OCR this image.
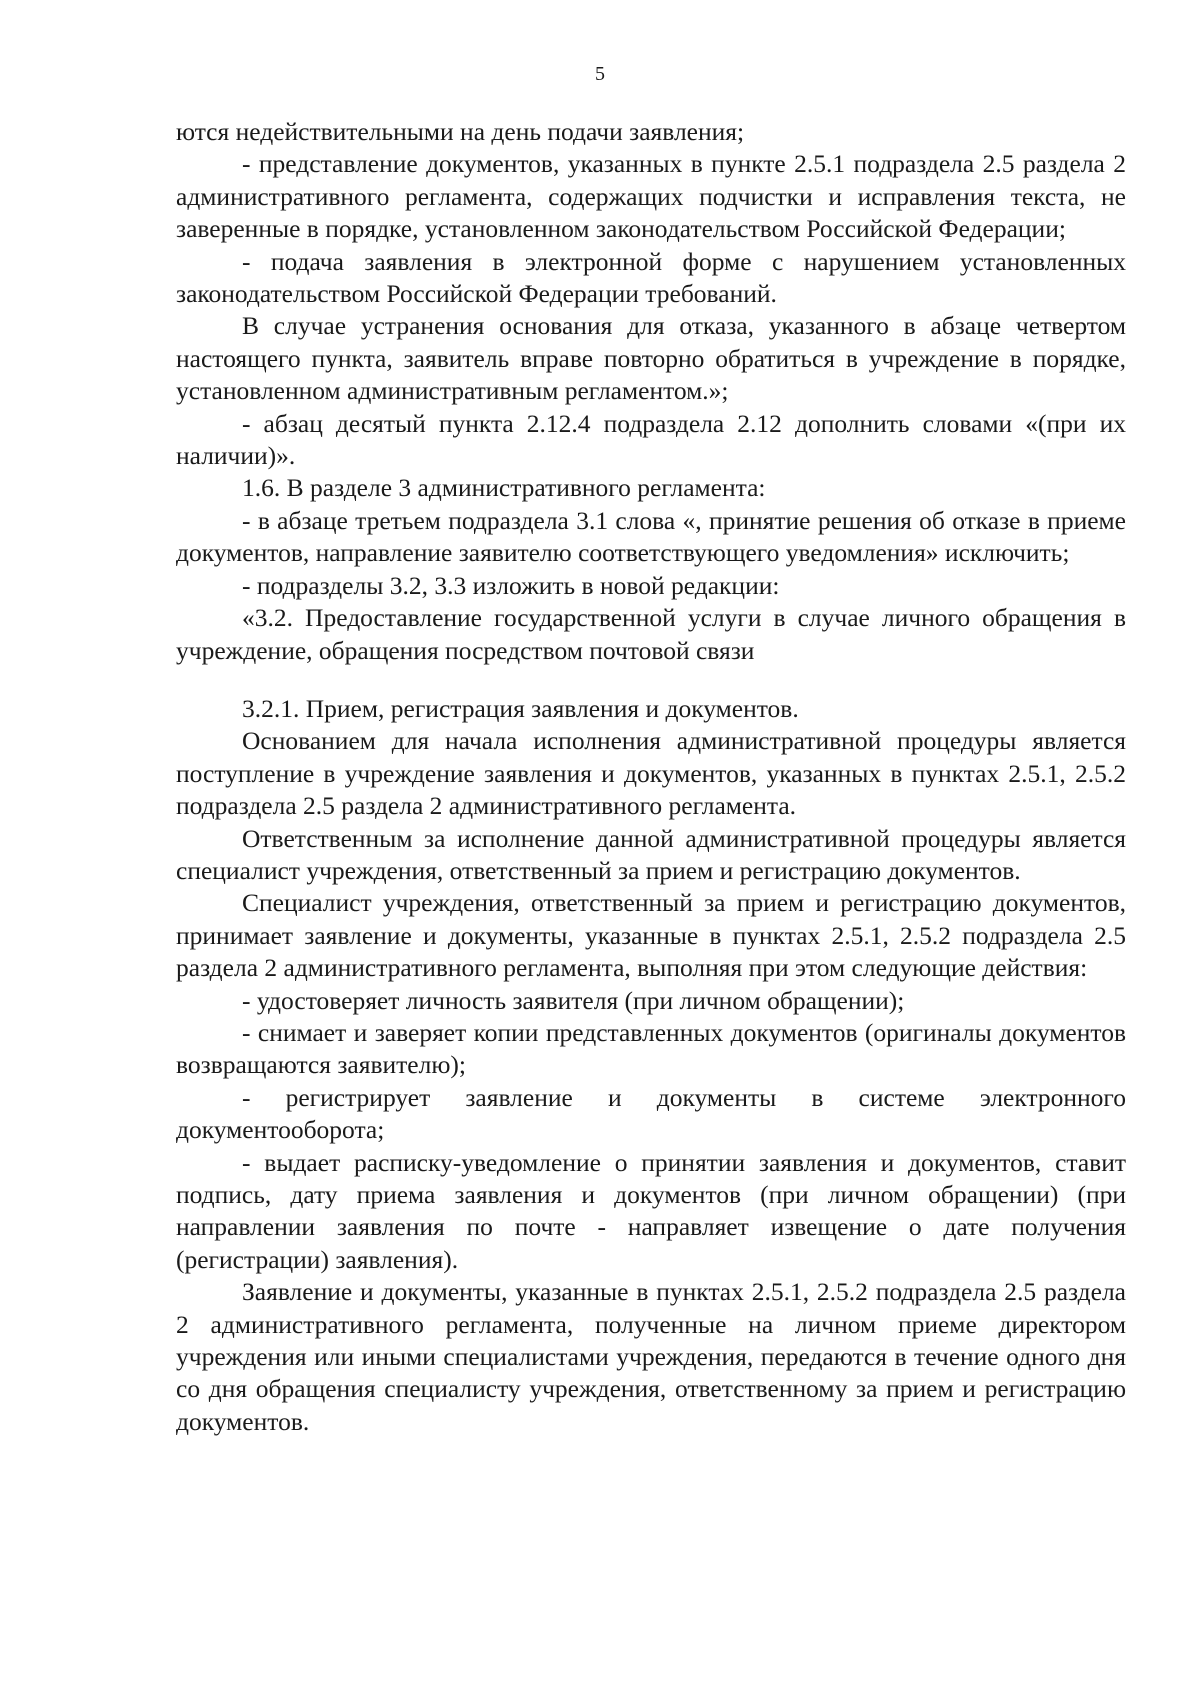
5

ются недействительными на день подачи заявления;

- представление документов, указанных в пункте 2.5.1 подраздела 2.5 раздела 2 административного регламента, содержащих подчистки и исправления текста, не заверенные в порядке, установленном законодательством Российской Федерации;

- подача заявления в электронной форме с нарушением установленных законодательством Российской Федерации требований.

В случае устранения основания для отказа, указанного в абзаце четвертом настоящего пункта, заявитель вправе повторно обратиться в учреждение в порядке, установленном административным регламентом.»;

- абзац десятый пункта 2.12.4 подраздела 2.12 дополнить словами «(при их наличии)».

1.6. В разделе 3 административного регламента:

- в абзаце третьем подраздела 3.1 слова «, принятие решения об отказе в приеме документов, направление заявителю соответствующего уведомления» исключить;

- подразделы 3.2, 3.3 изложить в новой редакции:

«3.2. Предоставление государственной услуги в случае личного обращения в учреждение, обращения посредством почтовой связи

3.2.1. Прием, регистрация заявления и документов.

Основанием для начала исполнения административной процедуры является поступление в учреждение заявления и документов, указанных в пунктах 2.5.1, 2.5.2 подраздела 2.5 раздела 2 административного регламента.

Ответственным за исполнение данной административной процедуры является специалист учреждения, ответственный за прием и регистрацию документов.

Специалист учреждения, ответственный за прием и регистрацию документов, принимает заявление и документы, указанные в пунктах 2.5.1, 2.5.2 подраздела 2.5 раздела 2 административного регламента, выполняя при этом следующие действия:

- удостоверяет личность заявителя (при личном обращении);

- снимает и заверяет копии представленных документов (оригиналы документов возвращаются заявителю);

- регистрирует заявление и документы в системе электронного документооборота;

- выдает расписку-уведомление о принятии заявления и документов, ставит подпись, дату приема заявления и документов (при личном обращении) (при направлении заявления по почте - направляет извещение о дате получения (регистрации) заявления).

Заявление и документы, указанные в пунктах 2.5.1, 2.5.2 подраздела 2.5 раздела 2 административного регламента, полученные на личном приеме директором учреждения или иными специалистами учреждения, передаются в течение одного дня со дня обращения специалисту учреждения, ответственному за прием и регистрацию документов.
